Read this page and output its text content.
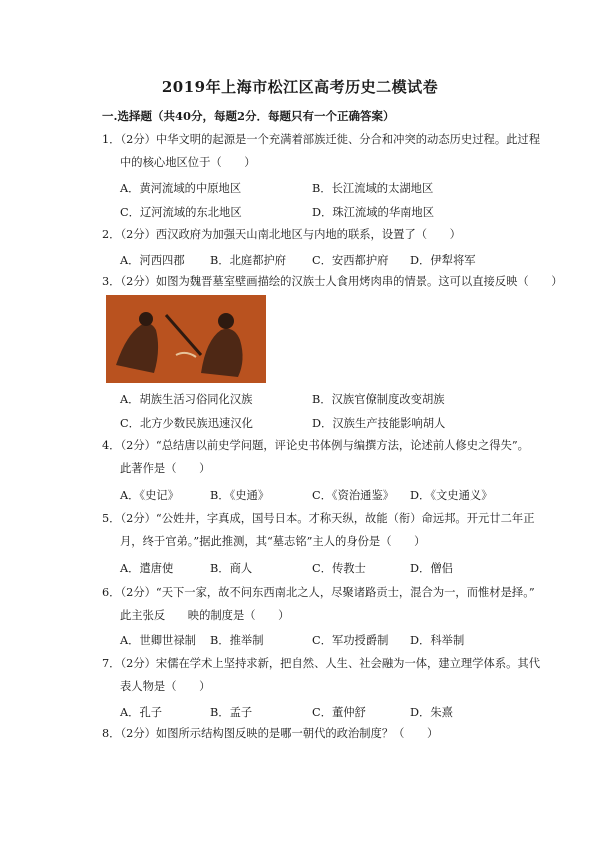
2019年上海市松江区高考历史二模试卷
一.选择题（共40分，每题2分．每题只有一个正确答案）
1．（2分）中华文明的起源是一个充满着部族迁徙、分合和冲突的动态历史过程。此过程
中的核心地区位于（　　）
A．黄河流域的中原地区	B．长江流域的太湖地区
C．辽河流域的东北地区	D．珠江流域的华南地区
2．（2分）西汉政府为加强天山南北地区与内地的联系，设置了（　　）
A．河西四郡 B．北庭都护府 C．安西都护府 D．伊犁将军
3．（2分）如图为魏晋墓室壁画描绘的汉族士人食用烤肉串的情景。这可以直接反映（　　）
A．胡族生活习俗同化汉族	B．汉族官僚制度改变胡族
C．北方少数民族迅速汉化	D．汉族生产技能影响胡人
4．（2分）“总结唐以前史学问题，评论史书体例与编撰方法，论述前人修史之得失”。
此著作是（　　）
A．《史记》	B．《史通》	C．《资治通鉴》 D．《文史通义》
5．（2分）“公姓井，字真成，国号日本。才称天纵，故能（衔）命远邦。开元廿二年正
月，终于官弟。”据此推测，其“墓志铭”主人的身份是（　　）
A．遣唐使	B．商人	C．传教士	D．僧侣
6．（2分）“天下一家，故不问东西南北之人，尽聚诸路贡士，混合为一，而惟材是择。”
此主张反　　映的制度是（　　）
A．世卿世禄制 B．推举制	C．军功授爵制 D．科举制
7．（2分）宋儒在学术上坚持求新，把自然、人生、社会融为一体，建立理学体系。其代
表人物是（　　）
A．孔子	B．孟子	C．董仲舒	D．朱熹
8．（2分）如图所示结构图反映的是哪一朝代的政治制度？（　　）
